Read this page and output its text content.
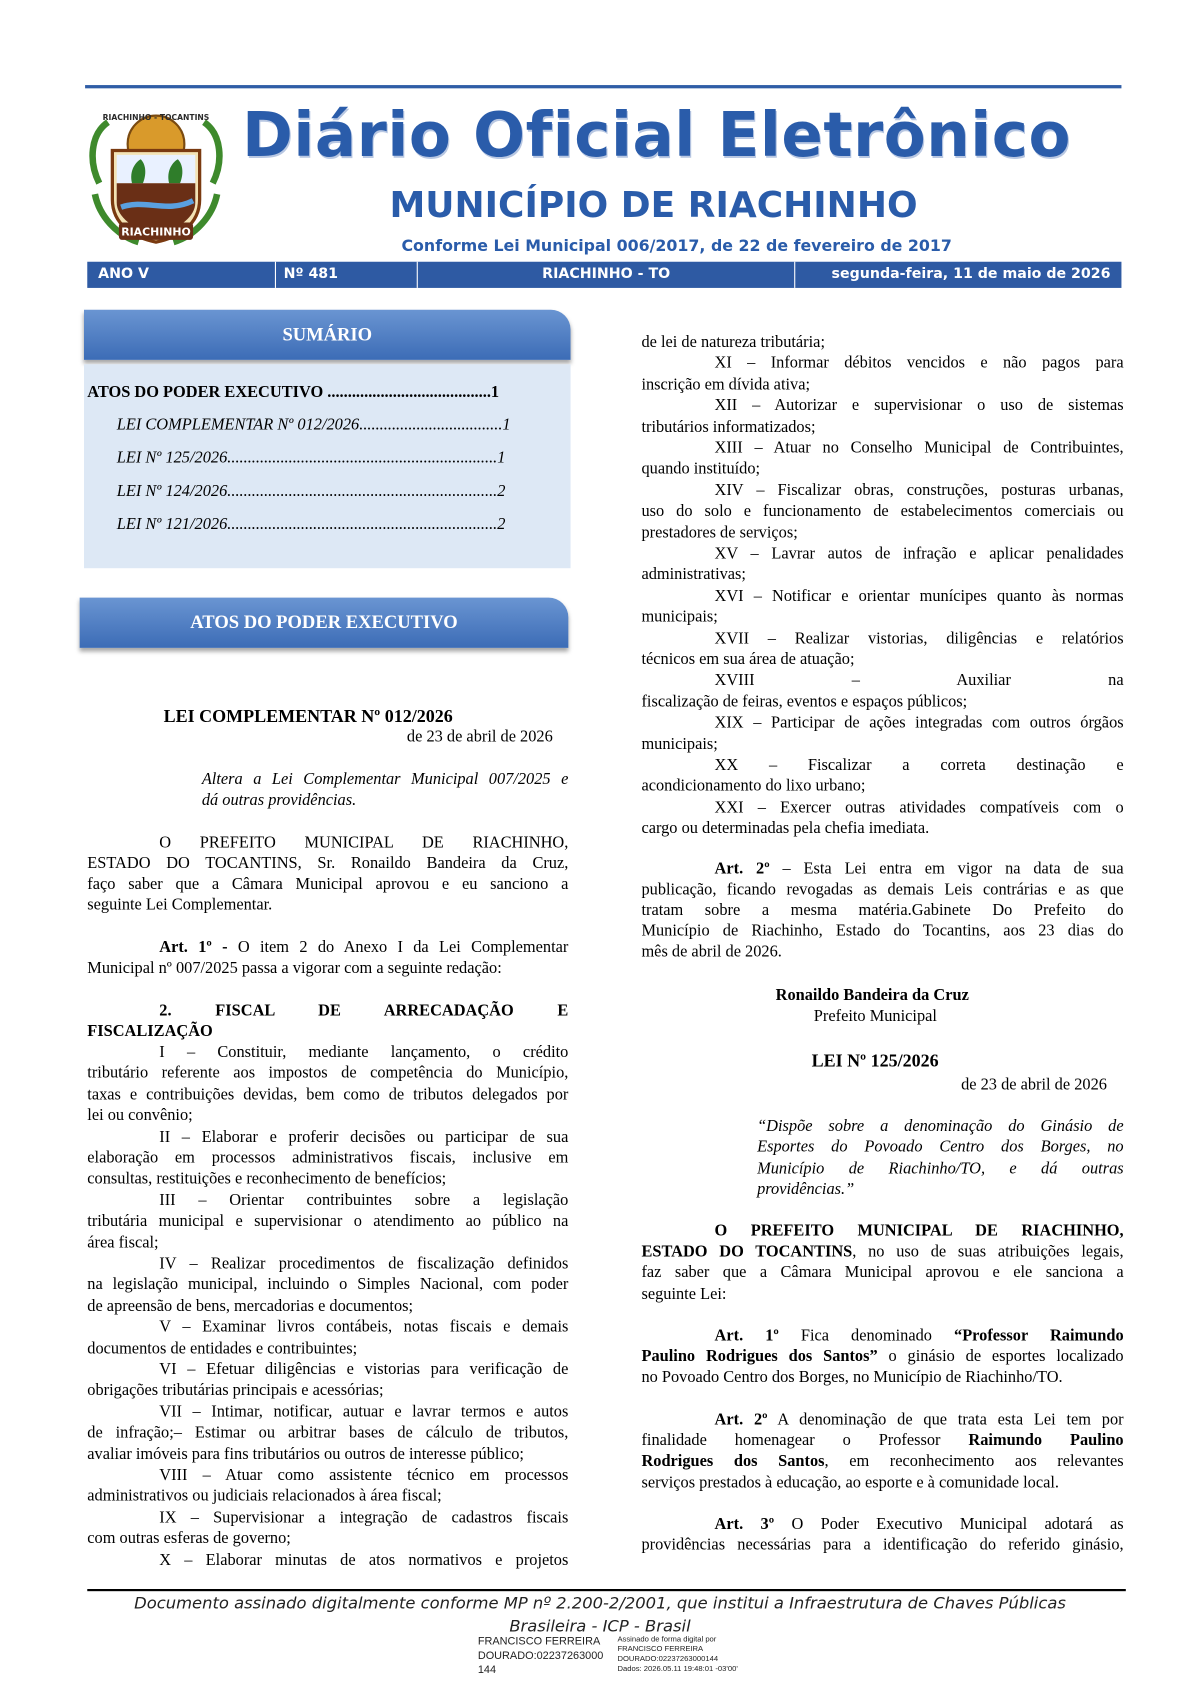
RIACHINHO
RIACHINHO - TOCANTINS Diário Oficial Eletrônico
MUNICÍPIO DE RIACHINHO
Conforme Lei Municipal 006/2017, de 22 de fevereiro de 2017
ANO V	Nº 481	RIACHINHO - TO	segunda-feira, 11 de maio de 2026
SUMÁRIO
ATOS DO PODER EXECUTIVO ........................................1
LEI COMPLEMENTAR Nº 012/2026...................................1
LEI Nº 125/2026..................................................................1
LEI Nº 124/2026..................................................................2
LEI Nº 121/2026..................................................................2
ATOS DO PODER EXECUTIVO
LEI COMPLEMENTAR Nº 012/2026
de 23 de abril de 2026
Altera a Lei Complementar Municipal 007/2025 e
dá outras providências.
O PREFEITO MUNICIPAL DE RIACHINHO,
ESTADO DO TOCANTINS, Sr. Ronaildo Bandeira da Cruz,
faço saber que a Câmara Municipal aprovou e eu sanciono a
seguinte Lei Complementar.
Art. 1º - O item 2 do Anexo I da Lei Complementar
Municipal nº 007/2025 passa a vigorar com a seguinte redação:
2. FISCAL DE ARRECADAÇÃO E
FISCALIZAÇÃO
I – Constituir, mediante lançamento, o crédito
tributário referente aos impostos de competência do Município,
taxas e contribuições devidas, bem como de tributos delegados por
lei ou convênio;
II – Elaborar e proferir decisões ou participar de sua
elaboração em processos administrativos fiscais, inclusive em
consultas, restituições e reconhecimento de benefícios;
III – Orientar contribuintes sobre a legislação
tributária municipal e supervisionar o atendimento ao público na
área fiscal;
IV – Realizar procedimentos de fiscalização definidos
na legislação municipal, incluindo o Simples Nacional, com poder
de apreensão de bens, mercadorias e documentos;
V – Examinar livros contábeis, notas fiscais e demais
documentos de entidades e contribuintes;
VI – Efetuar diligências e vistorias para verificação de
obrigações tributárias principais e acessórias;
VII – Intimar, notificar, autuar e lavrar termos e autos
de infração;– Estimar ou arbitrar bases de cálculo de tributos,
avaliar imóveis para fins tributários ou outros de interesse público;
VIII – Atuar como assistente técnico em processos
administrativos ou judiciais relacionados à área fiscal;
IX – Supervisionar a integração de cadastros fiscais
com outras esferas de governo;
X – Elaborar minutas de atos normativos e projetos
de lei de natureza tributária;
XI – Informar débitos vencidos e não pagos para
inscrição em dívida ativa;
XII – Autorizar e supervisionar o uso de sistemas
tributários informatizados;
XIII – Atuar no Conselho Municipal de Contribuintes,
quando instituído;
XIV – Fiscalizar obras, construções, posturas urbanas,
uso do solo e funcionamento de estabelecimentos comerciais ou
prestadores de serviços;
XV – Lavrar autos de infração e aplicar penalidades
administrativas;
XVI – Notificar e orientar munícipes quanto às normas
municipais;
XVII – Realizar vistorias, diligências e relatórios
técnicos em sua área de atuação;
XVIII – Auxiliar na
fiscalização de feiras, eventos e espaços públicos;
XIX – Participar de ações integradas com outros órgãos
municipais;
XX – Fiscalizar a correta destinação e
acondicionamento do lixo urbano;
XXI – Exercer outras atividades compatíveis com o
cargo ou determinadas pela chefia imediata.
Art. 2º – Esta Lei entra em vigor na data de sua
publicação, ficando revogadas as demais Leis contrárias e as que
tratam sobre a mesma matéria.Gabinete Do Prefeito do
Município de Riachinho, Estado do Tocantins, aos 23 dias do
mês de abril de 2026.
Ronaildo Bandeira da Cruz
Prefeito Municipal
LEI Nº 125/2026
de 23 de abril de 2026
“Dispõe sobre a denominação do Ginásio de
Esportes do Povoado Centro dos Borges, no
Município de Riachinho/TO, e dá outras
providências.”
O PREFEITO MUNICIPAL DE RIACHINHO,
ESTADO DO TOCANTINS, no uso de suas atribuições legais,
faz saber que a Câmara Municipal aprovou e ele sanciona a
seguinte Lei:
Art. 1º Fica denominado “Professor Raimundo
Paulino Rodrigues dos Santos” o ginásio de esportes localizado
no Povoado Centro dos Borges, no Município de Riachinho/TO.
Art. 2º A denominação de que trata esta Lei tem por
finalidade homenagear o Professor Raimundo Paulino
Rodrigues dos Santos, em reconhecimento aos relevantes
serviços prestados à educação, ao esporte e à comunidade local.
Art. 3º O Poder Executivo Municipal adotará as
providências necessárias para a identificação do referido ginásio,
Documento assinado digitalmente conforme MP nº 2.200-2/2001, que institui a Infraestrutura de Chaves Públicas
Brasileira - ICP - Brasil
FRANCISCO FERREIRA
DOURADO:02237263000
144
Assinado de forma digital por
FRANCISCO FERREIRA
DOURADO:02237263000144
Dados: 2026.05.11 19:48:01 -03'00'
